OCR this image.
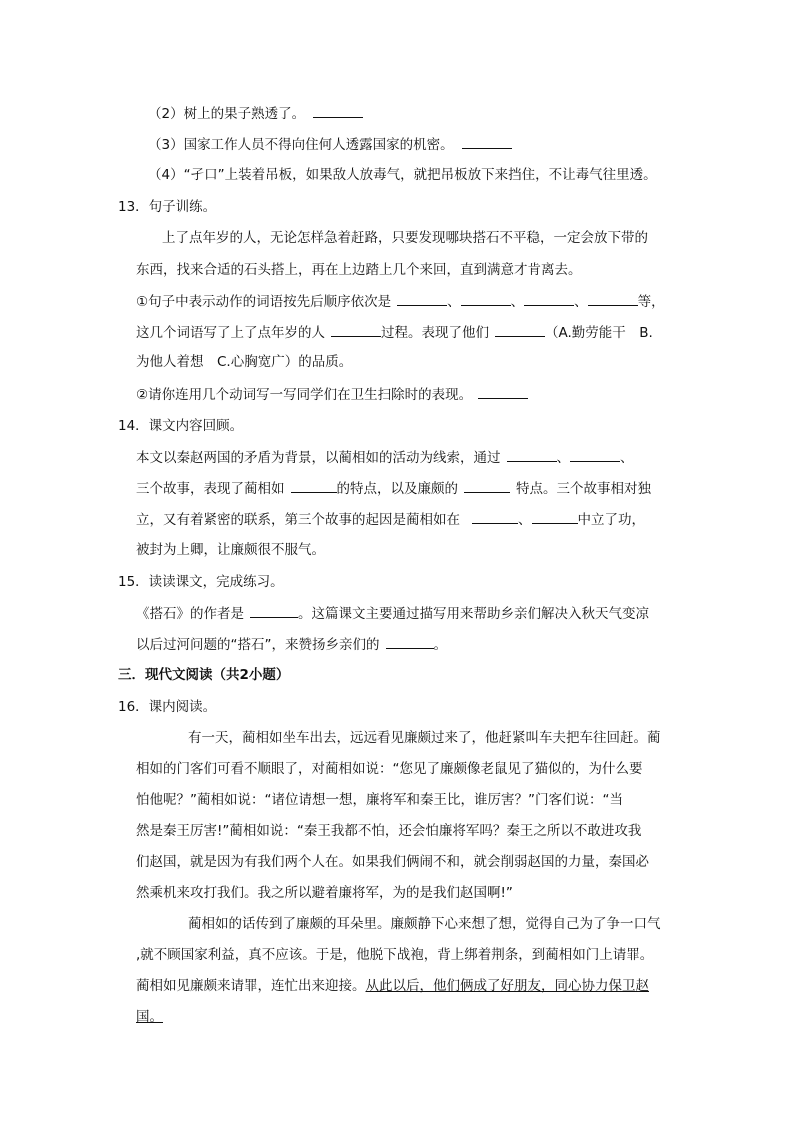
（2）树上的果子熟透了。
（3）国家工作人员不得向住何人透露国家的机密。
（4）“孑口”上装着吊板，如果敌人放毒气，就把吊板放下来挡住，不让毒气往里透。
13．句子训练。
上了点年岁的人，无论怎样急着赶路，只要发现哪块搭石不平稳，一定会放下带的
东西，找来合适的石头搭上，再在上边踏上几个来回，直到满意才肯离去。
①句子中表示动作的词语按先后顺序依次是	、	、	、	等，
这几个词语写了上了点年岁的人	过程。表现了他们	（A.勤劳能干　B.
为他人着想　C.心胸宽广）的品质。
②请你连用几个动词写一写同学们在卫生扫除时的表现。
14．课文内容回顾。
本文以秦赵两国的矛盾为背景，以蔺相如的活动为线索，通过	、	、
三个故事，表现了蔺相如	的特点，以及廉颇的	特点。三个故事相对独
立，又有着紧密的联系，第三个故事的起因是蔺相如在	、	中立了功，
被封为上卿，让廉颇很不服气。
15．读读课文，完成练习。
《搭石》的作者是	。这篇课文主要通过描写用来帮助乡亲们解决入秋天气变凉
以后过河问题的“搭石”，来赞扬乡亲们的	。
三．现代文阅读（共2小题）
16．课内阅读。
有一天，蔺相如坐车出去，远远看见廉颇过来了，他赶紧叫车夫把车往回赶。蔺
相如的门客们可看不顺眼了，对蔺相如说：“您见了廉颇像老鼠见了猫似的，为什么要
怕他呢？”蔺相如说：“诸位请想一想，廉将军和秦王比，谁厉害？”门客们说：“当
然是秦王厉害!”蔺相如说：“秦王我都不怕，还会怕廉将军吗？秦王之所以不敢进攻我
们赵国，就是因为有我们两个人在。如果我们俩闹不和，就会削弱赵国的力量，秦国必
然乘机来攻打我们。我之所以避着廉将军，为的是我们赵国啊!”
蔺相如的话传到了廉颇的耳朵里。廉颇静下心来想了想，觉得自己为了争一口气
,就不顾国家利益，真不应该。于是，他脱下战袍，背上绑着荆条，到蔺相如门上请罪。
蔺相如见廉颇来请罪，连忙出来迎接。从此以后，他们俩成了好朋友，同心协力保卫赵
国。
